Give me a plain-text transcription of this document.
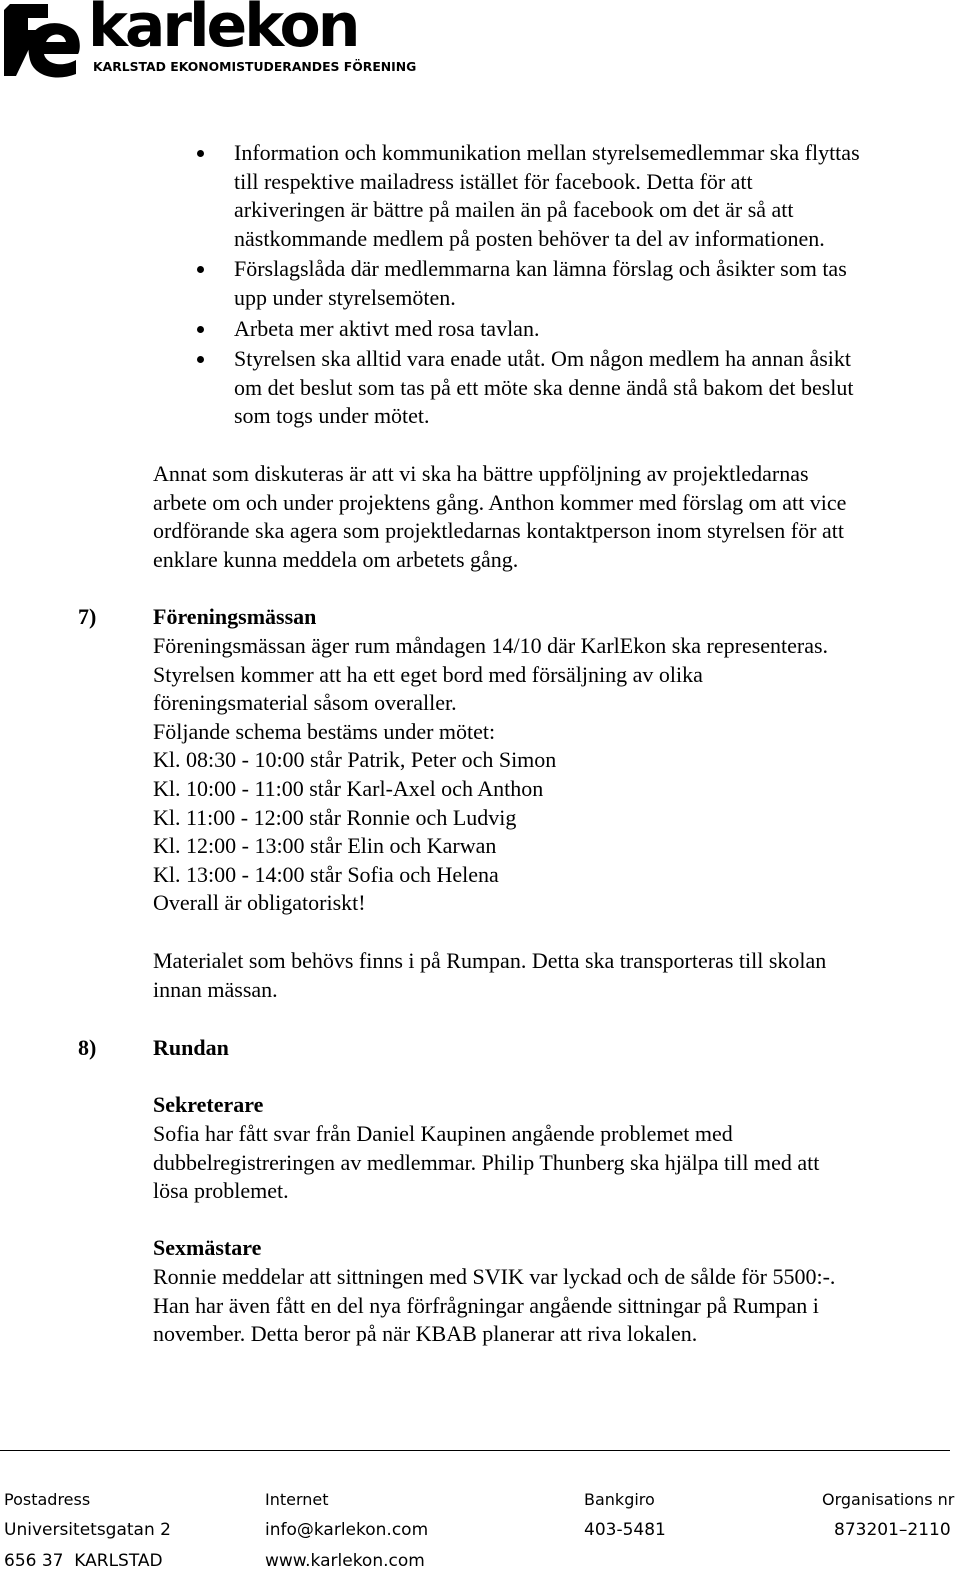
karlekon
KARLSTAD EKONOMISTUDERANDES FÖRENING
Information och kommunikation mellan styrelsemedlemmar ska flyttas
till respektive mailadress istället för facebook. Detta för att
arkiveringen är bättre på mailen än på facebook om det är så att
nästkommande medlem på posten behöver ta del av informationen.
Förslagslåda där medlemmarna kan lämna förslag och åsikter som tas
upp under styrelsemöten.
Arbeta mer aktivt med rosa tavlan.
Styrelsen ska alltid vara enade utåt. Om någon medlem ha annan åsikt
om det beslut som tas på ett möte ska denne ändå stå bakom det beslut
som togs under mötet.
Annat som diskuteras är att vi ska ha bättre uppföljning av projektledarnas
arbete om och under projektens gång. Anthon kommer med förslag om att vice
ordförande ska agera som projektledarnas kontaktperson inom styrelsen för att
enklare kunna meddela om arbetets gång.
7)	Föreningsmässan
Föreningsmässan äger rum måndagen 14/10 där KarlEkon ska representeras.
Styrelsen kommer att ha ett eget bord med försäljning av olika
föreningsmaterial såsom overaller.
Följande schema bestäms under mötet:
Kl. 08:30 - 10:00 står Patrik, Peter och Simon
Kl. 10:00 - 11:00 står Karl-Axel och Anthon
Kl. 11:00 - 12:00 står Ronnie och Ludvig
Kl. 12:00 - 13:00 står Elin och Karwan
Kl. 13:00 - 14:00 står Sofia och Helena
Overall är obligatoriskt!
Materialet som behövs finns i på Rumpan. Detta ska transporteras till skolan
innan mässan.
8)	Rundan
Sekreterare
Sofia har fått svar från Daniel Kaupinen angående problemet med
dubbelregistreringen av medlemmar. Philip Thunberg ska hjälpa till med att
lösa problemet.
Sexmästare
Ronnie meddelar att sittningen med SVIK var lyckad och de sålde för 5500:-.
Han har även fått en del nya förfrågningar angående sittningar på Rumpan i
november. Detta beror på när KBAB planerar att riva lokalen.
Postadress
Universitetsgatan 2
656 37  KARLSTAD
Internet
info@karlekon.com
www.karlekon.com
Bankgiro
403-5481
Organisations nr
873201–2110
